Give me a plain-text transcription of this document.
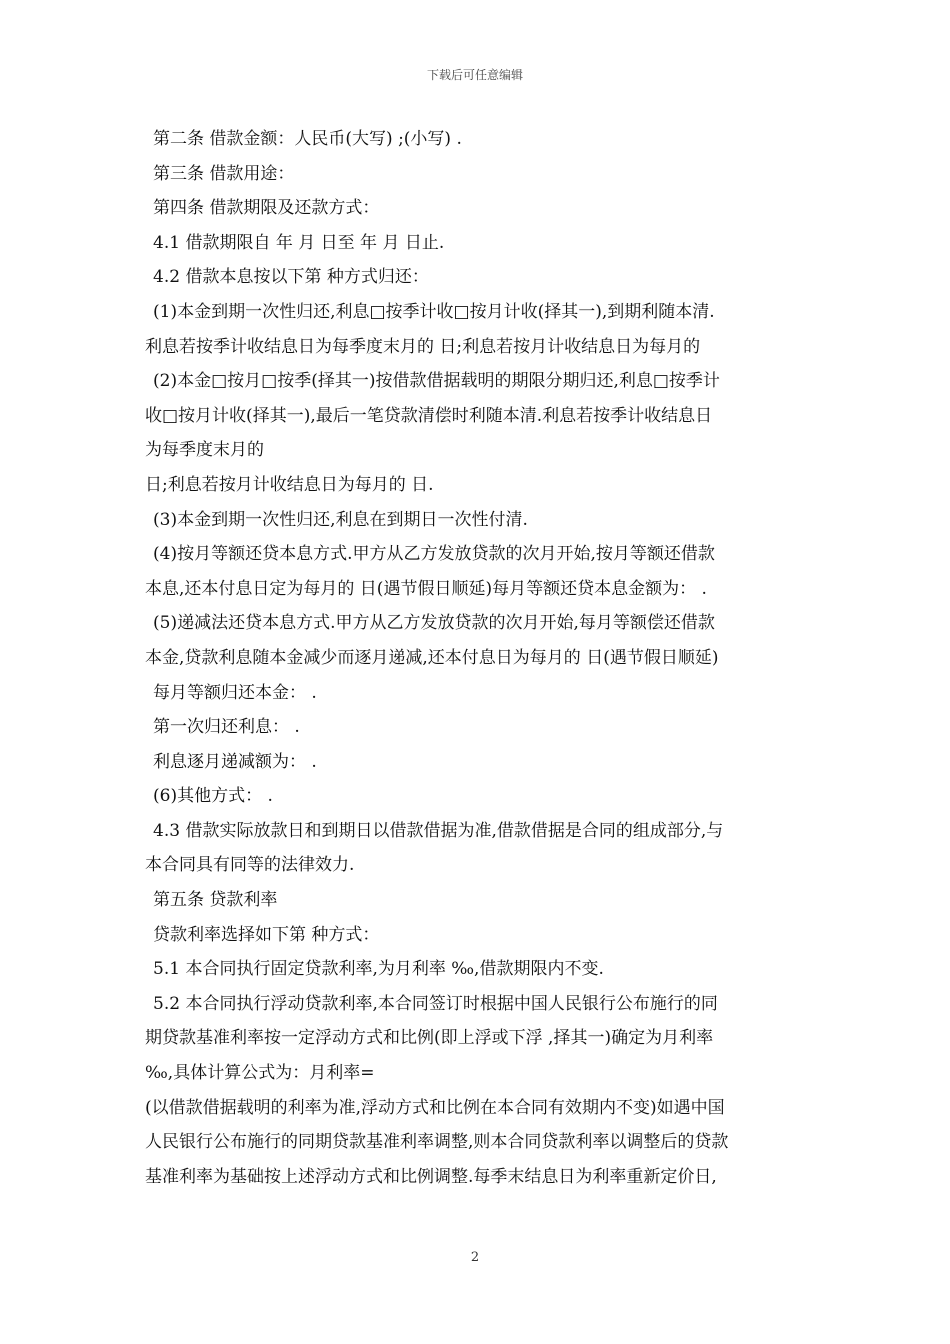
下载后可任意编辑
第二条 借款金额：人民币(大写) ;(小写) .
第三条 借款用途：
第四条 借款期限及还款方式：
4.1 借款期限自 年 月 日至 年 月 日止.
4.2 借款本息按以下第 种方式归还：
(1)本金到期一次性归还,利息□按季计收□按月计收(择其一),到期利随本清.
利息若按季计收结息日为每季度末月的 日;利息若按月计收结息日为每月的
(2)本金□按月□按季(择其一)按借款借据载明的期限分期归还,利息□按季计
收□按月计收(择其一),最后一笔贷款清偿时利随本清.利息若按季计收结息日
为每季度末月的
日;利息若按月计收结息日为每月的 日.
(3)本金到期一次性归还,利息在到期日一次性付清.
(4)按月等额还贷本息方式.甲方从乙方发放贷款的次月开始,按月等额还借款
本息,还本付息日定为每月的 日(遇节假日顺延)每月等额还贷本息金额为： .
(5)递减法还贷本息方式.甲方从乙方发放贷款的次月开始,每月等额偿还借款
本金,贷款利息随本金减少而逐月递减,还本付息日为每月的 日(遇节假日顺延)
每月等额归还本金： .
第一次归还利息： .
利息逐月递减额为： .
(6)其他方式： .
4.3 借款实际放款日和到期日以借款借据为准,借款借据是合同的组成部分,与
本合同具有同等的法律效力.
第五条 贷款利率
贷款利率选择如下第 种方式：
5.1 本合同执行固定贷款利率,为月利率 ‰,借款期限内不变.
5.2 本合同执行浮动贷款利率,本合同签订时根据中国人民银行公布施行的同
期贷款基准利率按一定浮动方式和比例(即上浮或下浮 ,择其一)确定为月利率
‰,具体计算公式为：月利率=
(以借款借据载明的利率为准,浮动方式和比例在本合同有效期内不变)如遇中国
人民银行公布施行的同期贷款基准利率调整,则本合同贷款利率以调整后的贷款
基准利率为基础按上述浮动方式和比例调整.每季末结息日为利率重新定价日,
2
